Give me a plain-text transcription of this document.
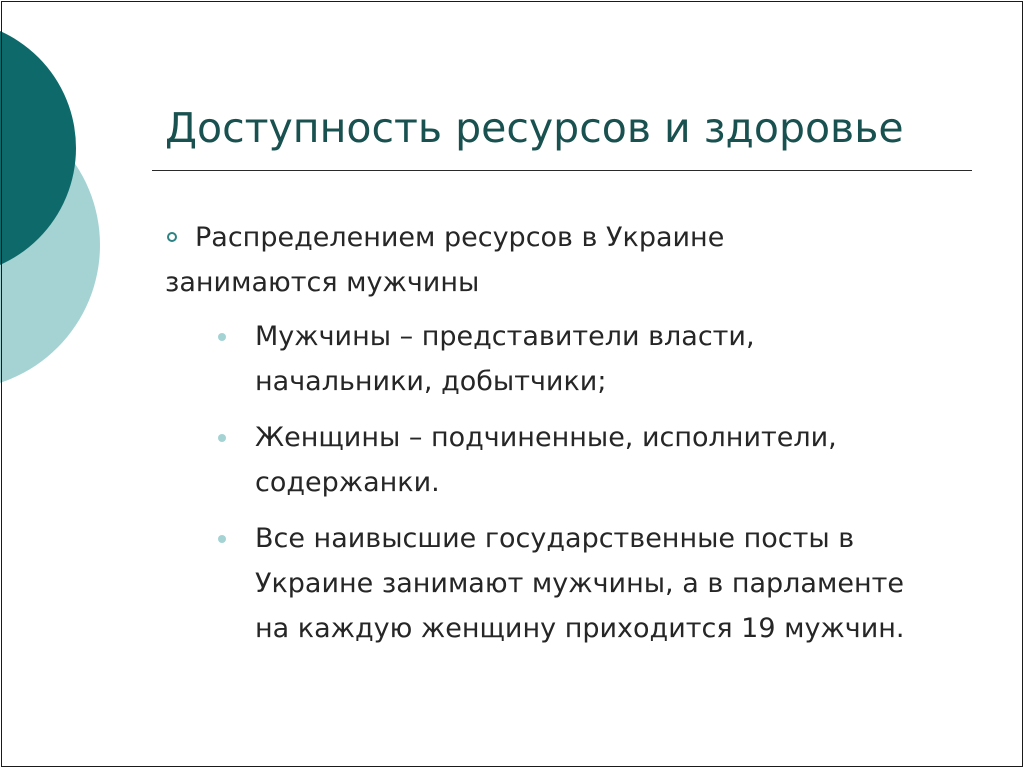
Доступность ресурсов и здоровье
Распределением ресурсов в Украине
занимаются мужчины
Мужчины – представители власти,
начальники, добытчики;
Женщины – подчиненные, исполнители,
содержанки.
Все наивысшие государственные посты в
Украине занимают мужчины, а в парламенте
на каждую женщину приходится 19 мужчин.
